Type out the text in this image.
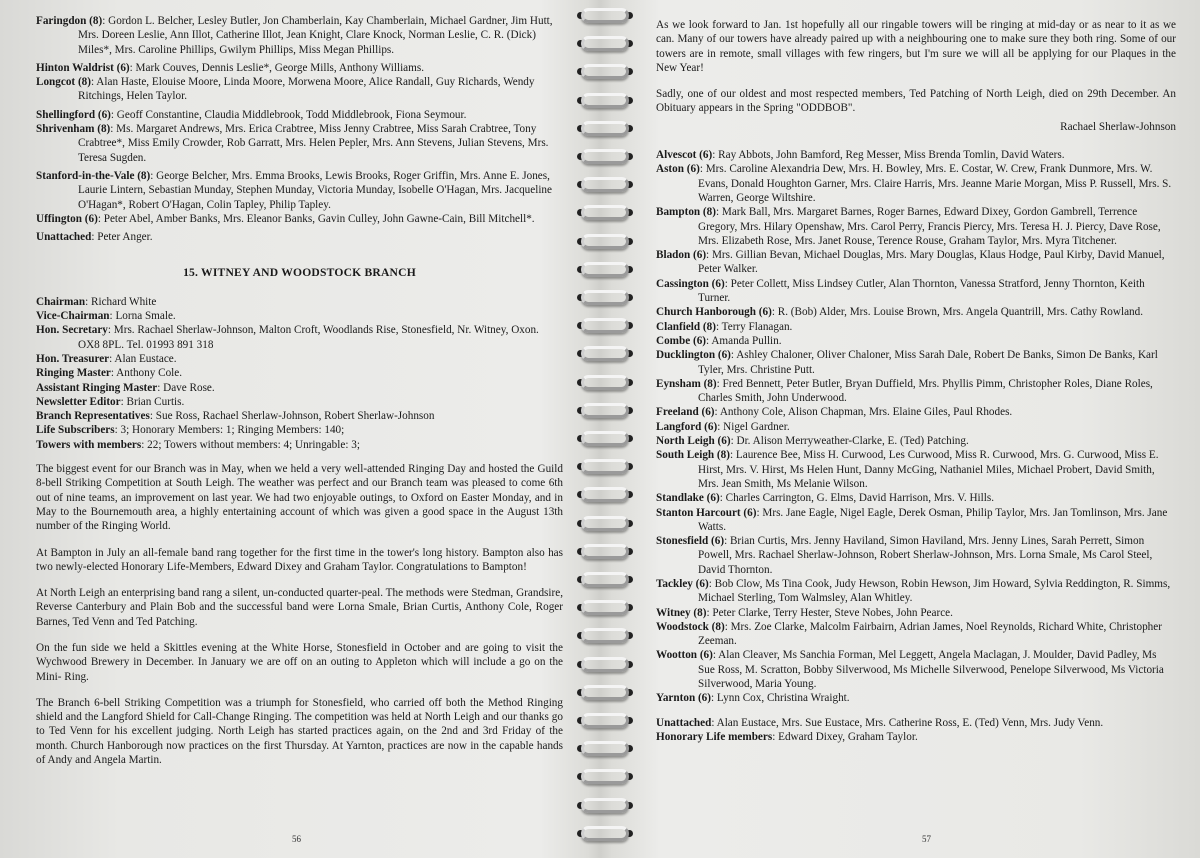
Faringdon (8): Gordon L. Belcher, Lesley Butler, Jon Chamberlain, Kay Chamberlain, Michael Gardner, Jim Hutt, Mrs. Doreen Leslie, Ann Illot, Catherine Illot, Jean Knight, Clare Knock, Norman Leslie, C. R. (Dick) Miles*, Mrs. Caroline Phillips, Gwilym Phillips, Miss Megan Phillips.

Hinton Waldrist (6): Mark Couves, Dennis Leslie*, George Mills, Anthony Williams.

Longcot (8): Alan Haste, Elouise Moore, Linda Moore, Morwena Moore, Alice Randall, Guy Richards, Wendy Ritchings, Helen Taylor.

Shellingford (6): Geoff Constantine, Claudia Middlebrook, Todd Middlebrook, Fiona Seymour.

Shrivenham (8): Ms. Margaret Andrews, Mrs. Erica Crabtree, Miss Jenny Crabtree, Miss Sarah Crabtree, Tony Crabtree*, Miss Emily Crowder, Rob Garratt, Mrs. Helen Pepler, Mrs. Ann Stevens, Julian Stevens, Mrs. Teresa Sugden.

Stanford-in-the-Vale (8): George Belcher, Mrs. Emma Brooks, Lewis Brooks, Roger Griffin, Mrs. Anne E. Jones, Laurie Lintern, Sebastian Munday, Stephen Munday, Victoria Munday, Isobelle O'Hagan, Mrs. Jacqueline O'Hagan*, Robert O'Hagan, Colin Tapley, Philip Tapley.

Uffington (6): Peter Abel, Amber Banks, Mrs. Eleanor Banks, Gavin Culley, John Gawne-Cain, Bill Mitchell*.

Unattached: Peter Anger.

15. WITNEY AND WOODSTOCK BRANCH

Chairman: Richard White

Vice-Chairman: Lorna Smale.

Hon. Secretary: Mrs. Rachael Sherlaw-Johnson, Malton Croft, Woodlands Rise, Stonesfield, Nr. Witney, Oxon. OX8 8PL. Tel. 01993 891 318

Hon. Treasurer: Alan Eustace.

Ringing Master: Anthony Cole.

Assistant Ringing Master: Dave Rose.

Newsletter Editor: Brian Curtis.

Branch Representatives: Sue Ross, Rachael Sherlaw-Johnson, Robert Sherlaw-Johnson

Life Subscribers: 3; Honorary Members: 1; Ringing Members: 140;

Towers with members: 22; Towers without members: 4; Unringable: 3;

The biggest event for our Branch was in May, when we held a very well-attended Ringing Day and hosted the Guild 8-bell Striking Competition at South Leigh. The weather was perfect and our Branch team was pleased to come 6th out of nine teams, an improvement on last year. We had two enjoyable outings, to Oxford on Easter Monday, and in May to the Bournemouth area, a highly entertaining account of which was given a good space in the August 13th number of the Ringing World.

At Bampton in July an all-female band rang together for the first time in the tower's long history. Bampton also has two newly-elected Honorary Life-Members, Edward Dixey and Graham Taylor. Congratulations to Bampton!

At North Leigh an enterprising band rang a silent, un-conducted quarter-peal. The methods were Stedman, Grandsire, Reverse Canterbury and Plain Bob and the successful band were Lorna Smale, Brian Curtis, Anthony Cole, Roger Barnes, Ted Venn and Ted Patching.

On the fun side we held a Skittles evening at the White Horse, Stonesfield in October and are going to visit the Wychwood Brewery in December. In January we are off on an outing to Appleton which will include a go on the Mini- Ring.

The Branch 6-bell Striking Competition was a triumph for Stonesfield, who carried off both the Method Ringing shield and the Langford Shield for Call-Change Ringing. The competition was held at North Leigh and our thanks go to Ted Venn for his excellent judging. North Leigh has started practices again, on the 2nd and 3rd Friday of the month. Church Hanborough now practices on the first Thursday. At Yarnton, practices are now in the capable hands of Andy and Angela Martin.

56

As we look forward to Jan. 1st hopefully all our ringable towers will be ringing at mid-day or as near to it as we can. Many of our towers have already paired up with a neighbouring one to make sure they both ring. Some of our towers are in remote, small villages with few ringers, but I'm sure we will all be applying for our Plaques in the New Year!

Sadly, one of our oldest and most respected members, Ted Patching of North Leigh, died on 29th December. An Obituary appears in the Spring "ODDBOB".

Rachael Sherlaw-Johnson

Alvescot (6): Ray Abbots, John Bamford, Reg Messer, Miss Brenda Tomlin, David Waters.

Aston (6): Mrs. Caroline Alexandria Dew, Mrs. H. Bowley, Mrs. E. Costar, W. Crew, Frank Dunmore, Mrs. W. Evans, Donald Houghton Garner, Mrs. Claire Harris, Mrs. Jeanne Marie Morgan, Miss P. Russell, Mrs. S. Warren, George Wiltshire.

Bampton (8): Mark Ball, Mrs. Margaret Barnes, Roger Barnes, Edward Dixey, Gordon Gambrell, Terrence Gregory, Mrs. Hilary Openshaw, Mrs. Carol Perry, Francis Piercy, Mrs. Teresa H. J. Piercy, Dave Rose, Mrs. Elizabeth Rose, Mrs. Janet Rouse, Terence Rouse, Graham Taylor, Mrs. Myra Titchener.

Bladon (6): Mrs. Gillian Bevan, Michael Douglas, Mrs. Mary Douglas, Klaus Hodge, Paul Kirby, David Manuel, Peter Walker.

Cassington (6): Peter Collett, Miss Lindsey Cutler, Alan Thornton, Vanessa Stratford, Jenny Thornton, Keith Turner.

Church Hanborough (6): R. (Bob) Alder, Mrs. Louise Brown, Mrs. Angela Quantrill, Mrs. Cathy Rowland.

Clanfield (8): Terry Flanagan.

Combe (6): Amanda Pullin.

Ducklington (6): Ashley Chaloner, Oliver Chaloner, Miss Sarah Dale, Robert De Banks, Simon De Banks, Karl Tyler, Mrs. Christine Putt.

Eynsham (8): Fred Bennett, Peter Butler, Bryan Duffield, Mrs. Phyllis Pimm, Christopher Roles, Diane Roles, Charles Smith, John Underwood.

Freeland (6): Anthony Cole, Alison Chapman, Mrs. Elaine Giles, Paul Rhodes.

Langford (6): Nigel Gardner.

North Leigh (6): Dr. Alison Merryweather-Clarke, E. (Ted) Patching.

South Leigh (8): Laurence Bee, Miss H. Curwood, Les Curwood, Miss R. Curwood, Mrs. G. Curwood, Miss E. Hirst, Mrs. V. Hirst, Ms Helen Hunt, Danny McGing, Nathaniel Miles, Michael Probert, David Smith, Mrs. Jean Smith, Ms Melanie Wilson.

Standlake (6): Charles Carrington, G. Elms, David Harrison, Mrs. V. Hills.

Stanton Harcourt (6): Mrs. Jane Eagle, Nigel Eagle, Derek Osman, Philip Taylor, Mrs. Jan Tomlinson, Mrs. Jane Watts.

Stonesfield (6): Brian Curtis, Mrs. Jenny Haviland, Simon Haviland, Mrs. Jenny Lines, Sarah Perrett, Simon Powell, Mrs. Rachael Sherlaw-Johnson, Robert Sherlaw-Johnson, Mrs. Lorna Smale, Ms Carol Steel, David Thornton.

Tackley (6): Bob Clow, Ms Tina Cook, Judy Hewson, Robin Hewson, Jim Howard, Sylvia Reddington, R. Simms, Michael Sterling, Tom Walmsley, Alan Whitley.

Witney (8): Peter Clarke, Terry Hester, Steve Nobes, John Pearce.

Woodstock (8): Mrs. Zoe Clarke, Malcolm Fairbairn, Adrian James, Noel Reynolds, Richard White, Christopher Zeeman.

Wootton (6): Alan Cleaver, Ms Sanchia Forman, Mel Leggett, Angela Maclagan, J. Moulder, David Padley, Ms Sue Ross, M. Scratton, Bobby Silverwood, Ms Michelle Silverwood, Penelope Silverwood, Ms Victoria Silverwood, Maria Young.

Yarnton (6): Lynn Cox, Christina Wraight.

Unattached: Alan Eustace, Mrs. Sue Eustace, Mrs. Catherine Ross, E. (Ted) Venn, Mrs. Judy Venn.

Honorary Life members: Edward Dixey, Graham Taylor.

57
